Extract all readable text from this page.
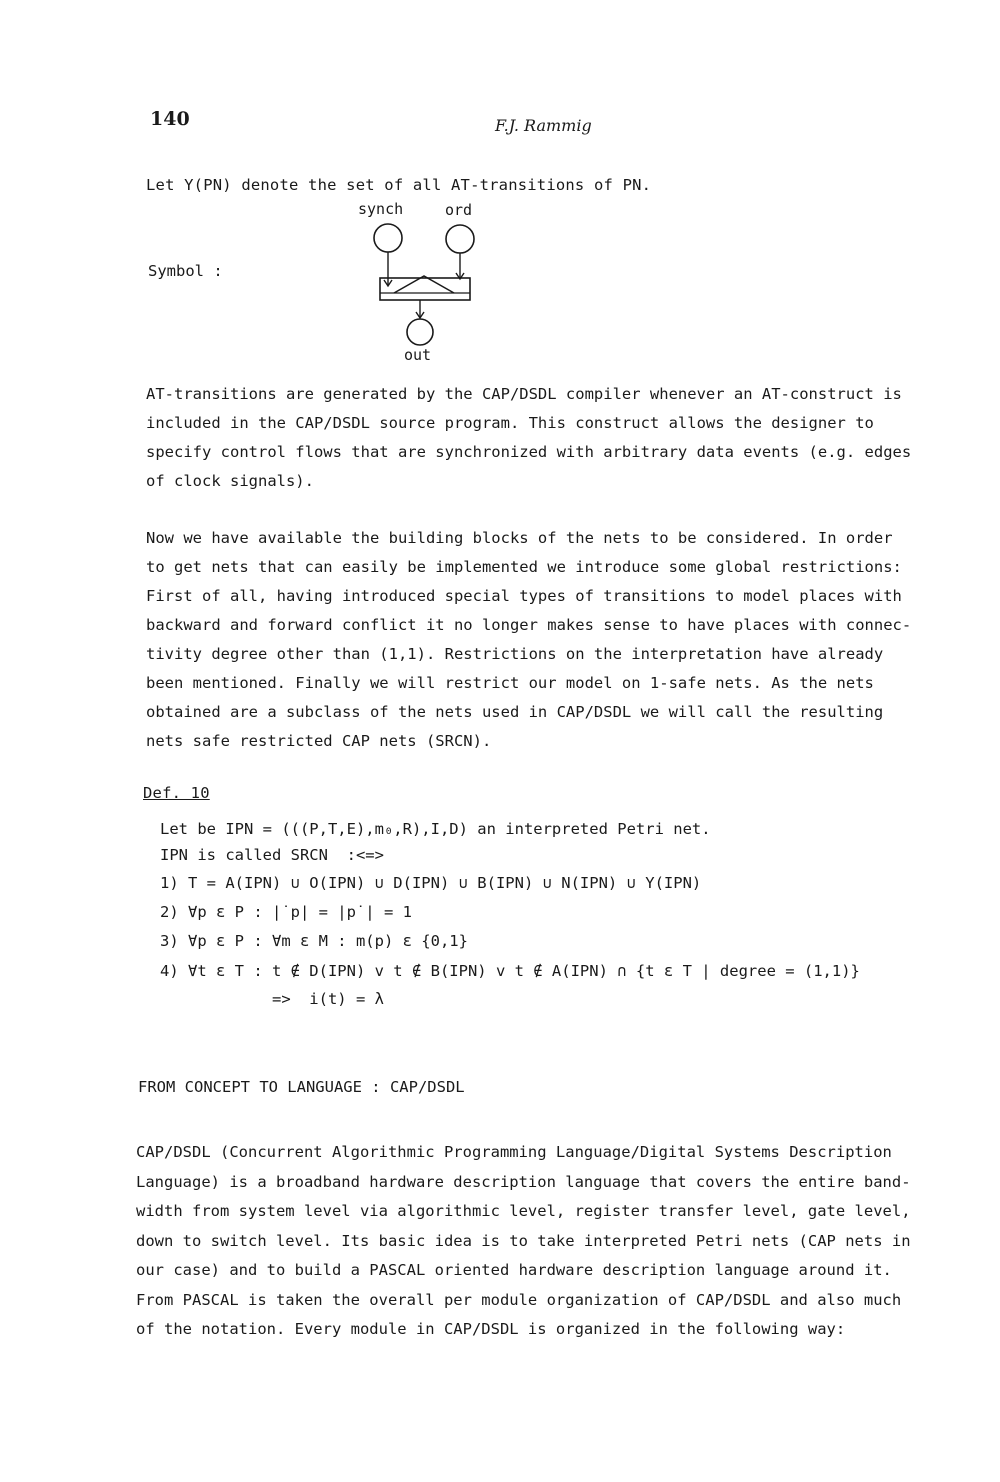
140	F.J. Rammig
Let Y(PN) denote the set of all AT-transitions of PN.
Symbol :
synch	ord
out
AT-transitions are generated by the CAP/DSDL compiler whenever an AT-construct is
included in the CAP/DSDL source program. This construct allows the designer to
specify control flows that are synchronized with arbitrary data events (e.g. edges
of clock signals).
Now we have available the building blocks of the nets to be considered. In order
to get nets that can easily be implemented we introduce some global restrictions:
First of all, having introduced special types of transitions to model places with
backward and forward conflict it no longer makes sense to have places with connec-
tivity degree other than (1,1). Restrictions on the interpretation have already
been mentioned. Finally we will restrict our model on 1-safe nets. As the nets
obtained are a subclass of the nets used in CAP/DSDL we will call the resulting
nets safe restricted CAP nets (SRCN).
Def. 10
Let be IPN = (((P,T,E),m₀,R),I,D) an interpreted Petri net.
IPN is called SRCN  :<=>
1) T = A(IPN) ∪ O(IPN) ∪ D(IPN) ∪ B(IPN) ∪ N(IPN) ∪ Y(IPN)
2) ∀p ε P : |˙p| = |p˙| = 1
3) ∀p ε P : ∀m ε M : m(p) ε {0,1}
4) ∀t ε T : t ∉ D(IPN) v t ∉ B(IPN) v t ∉ A(IPN) ∩ {t ε T | degree = (1,1)}
=>  i(t) = λ
FROM CONCEPT TO LANGUAGE : CAP/DSDL
CAP/DSDL (Concurrent Algorithmic Programming Language/Digital Systems Description
Language) is a broadband hardware description language that covers the entire band-
width from system level via algorithmic level, register transfer level, gate level,
down to switch level. Its basic idea is to take interpreted Petri nets (CAP nets in
our case) and to build a PASCAL oriented hardware description language around it.
From PASCAL is taken the overall per module organization of CAP/DSDL and also much
of the notation. Every module in CAP/DSDL is organized in the following way:
